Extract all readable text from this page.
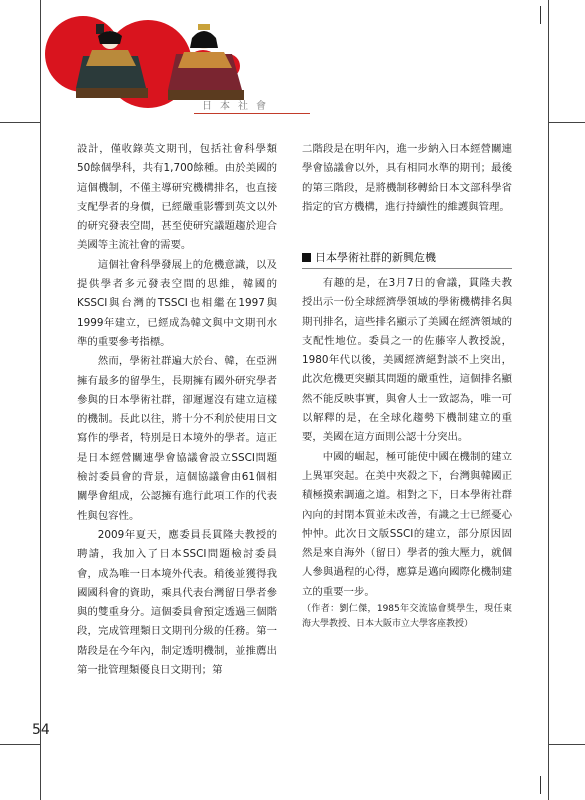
日本社會

設計，僅收錄英文期刊，包括社會科學類50餘個學科，共有1,700餘種。由於美國的這個機制，不僅主導研究機構排名，也直接支配學者的身價，已經嚴重影響到英文以外的研究發表空間，甚至使研究議題趨於迎合美國等主流社會的需要。

這個社會科學發展上的危機意識，以及提供學者多元發表空間的思維，韓國的KSSCI與台灣的TSSCI也相繼在1997與1999年建立，已經成為韓文與中文期刊水準的重要參考指標。

然而，學術社群遍大於台、韓，在亞洲擁有最多的留學生，長期擁有國外研究學者參與的日本學術社群，卻遲遲沒有建立這樣的機制。長此以往，將十分不利於使用日文寫作的學者，特別是日本境外的學者。這正是日本經營關連學會協議會設立SSCI問題檢討委員會的背景，這個協議會由61個相關學會組成，公認擁有進行此項工作的代表性與包容性。

2009年夏天，應委員長貫隆夫教授的聘請，我加入了日本SSCI問題檢討委員會，成為唯一日本境外代表。稍後並獲得我國國科會的資助，乘具代表台灣留日學者參與的雙重身分。這個委員會預定透過三個階段，完成管理類日文期刊分級的任務。第一階段是在今年內，制定透明機制，並推薦出第一批管理類優良日文期刊；第

二階段是在明年內，進一步納入日本經營關連學會協議會以外，具有相同水準的期刊；最後的第三階段，是將機制移轉給日本文部科學省指定的官方機構，進行持續性的維護與管理。

日本學術社群的新興危機

有趣的是，在3月7日的會議，貫隆夫教授出示一份全球經濟學領域的學術機構排名與期刊排名，這些排名顯示了美國在經濟領域的支配性地位。委員之一的佐藤宰人教授說，1980年代以後，美國經濟絕對談不上突出，此次危機更突顯其問題的嚴重性，這個排名顯然不能反映事實，與會人士一致認為，唯一可以解釋的是，在全球化趨勢下機制建立的重要，美國在這方面則公認十分突出。

中國的崛起，極可能使中國在機制的建立上異軍突起。在美中夾殺之下，台灣與韓國正積極摸索調適之道。相對之下，日本學術社群內向的封閉本質並未改善，有識之士已經憂心忡忡。此次日文版SSCI的建立，部分原因固然是來自海外（留日）學者的強大壓力，就個人參與過程的心得，應算是邁向國際化機制建立的重要一步。

（作者：劉仁傑，1985年交流協會獎學生，現任東海大學教授、日本大阪市立大學客座教授）

54
